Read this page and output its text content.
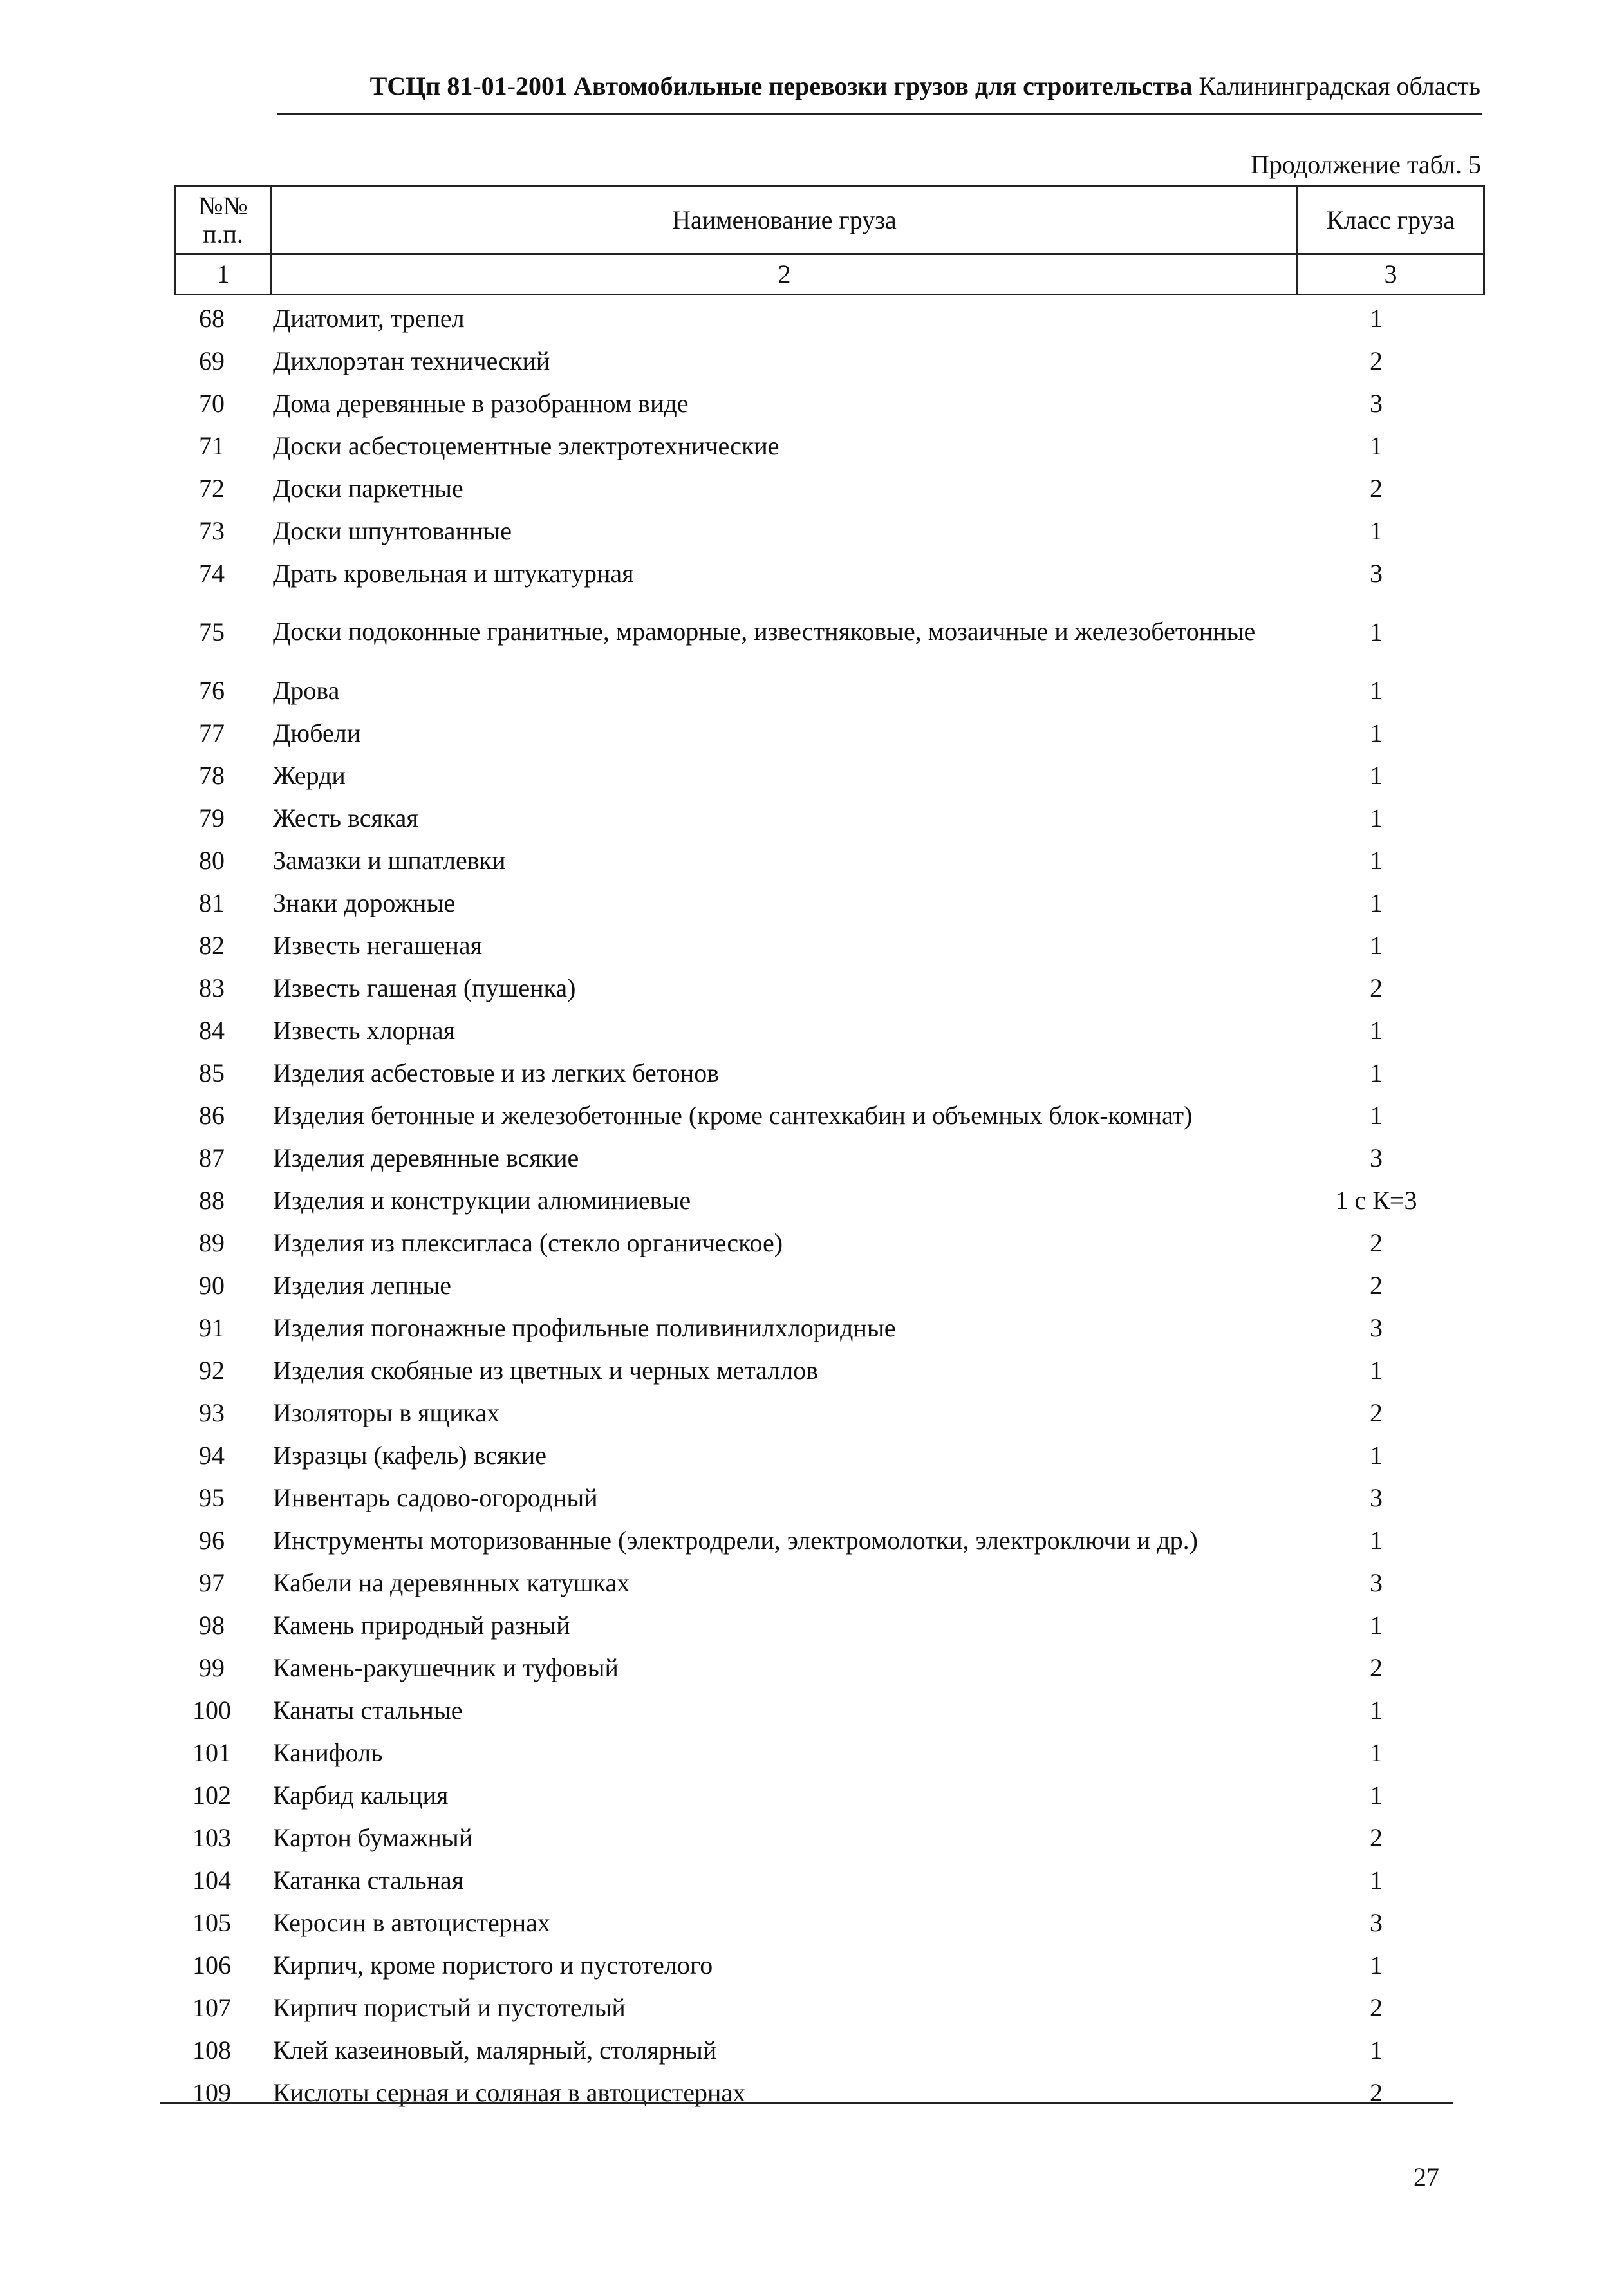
ТСЦп 81-01-2001 Автомобильные перевозки грузов для строительства Калининградская область
Продолжение табл. 5
№№ п.п.	Наименование груза	Класс груза
1	2	3
68	Диатомит, трепел	1
69	Дихлорэтан технический	2
70	Дома деревянные в разобранном виде	3
71	Доски асбестоцементные электротехнические	1
72	Доски паркетные	2
73	Доски шпунтованные	1
74	Драть кровельная и штукатурная	3
75	Доски подоконные гранитные, мраморные, известняковые, мозаичные и железобетонные	1
76	Дрова	1
77	Дюбели	1
78	Жерди	1
79	Жесть всякая	1
80	Замазки и шпатлевки	1
81	Знаки дорожные	1
82	Известь негашеная	1
83	Известь гашеная (пушенка)	2
84	Известь хлорная	1
85	Изделия асбестовые и из легких бетонов	1
86	Изделия бетонные и железобетонные (кроме сантехкабин и объемных блок-комнат)	1
87	Изделия деревянные всякие	3
88	Изделия и конструкции алюминиевые	1 с К=3
89	Изделия из плексигласа (стекло органическое)	2
90	Изделия лепные	2
91	Изделия погонажные профильные поливинилхлоридные	3
92	Изделия скобяные из цветных и черных металлов	1
93	Изоляторы в ящиках	2
94	Изразцы (кафель) всякие	1
95	Инвентарь садово-огородный	3
96	Инструменты моторизованные (электродрели, электромолотки, электроключи и др.)	1
97	Кабели на деревянных катушках	3
98	Камень природный разный	1
99	Камень-ракушечник и туфовый	2
100	Канаты стальные	1
101	Канифоль	1
102	Карбид кальция	1
103	Картон бумажный	2
104	Катанка стальная	1
105	Керосин в автоцистернах	3
106	Кирпич, кроме пористого и пустотелого	1
107	Кирпич пористый и пустотелый	2
108	Клей казеиновый, малярный, столярный	1
109	Кислоты серная и соляная в автоцистернах	2
27
